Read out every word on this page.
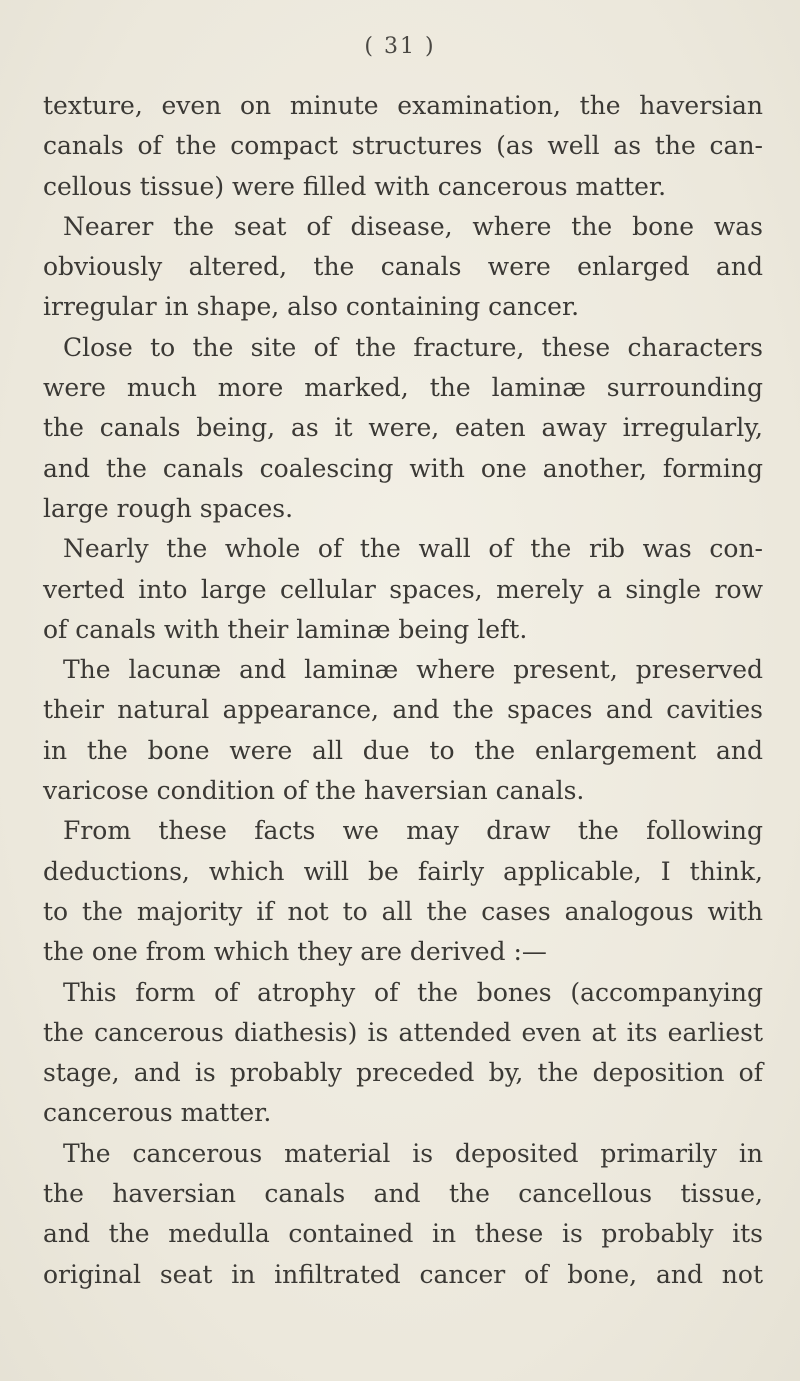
( 31 )
texture, even on minute examination, the haversian
canals of the compact structures (as well as the can-
cellous tissue) were filled with cancerous matter.
Nearer the seat of disease, where the bone was
obviously altered, the canals were enlarged and
irregular in shape, also containing cancer.
Close to the site of the fracture, these characters
were much more marked, the laminæ surrounding
the canals being, as it were, eaten away irregularly,
and the canals coalescing with one another, forming
large rough spaces.
Nearly the whole of the wall of the rib was con-
verted into large cellular spaces, merely a single row
of canals with their laminæ being left.
The lacunæ and laminæ where present, preserved
their natural appearance, and the spaces and cavities
in the bone were all due to the enlargement and
varicose condition of the haversian canals.
From these facts we may draw the following
deductions, which will be fairly applicable, I think,
to the majority if not to all the cases analogous with
the one from which they are derived :—
This form of atrophy of the bones (accompanying
the cancerous diathesis) is attended even at its earliest
stage, and is probably preceded by, the deposition of
cancerous matter.
The cancerous material is deposited primarily in
the haversian canals and the cancellous tissue,
and the medulla contained in these is probably its
original seat in infiltrated cancer of bone, and not
